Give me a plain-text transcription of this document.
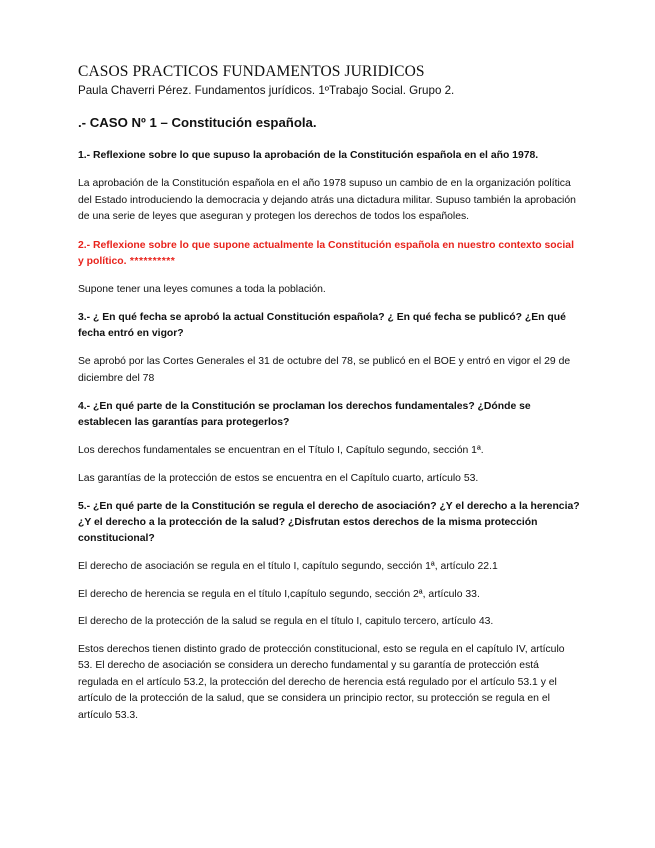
CASOS PRACTICOS FUNDAMENTOS JURIDICOS

Paula Chaverri Pérez. Fundamentos jurídicos. 1ºTrabajo Social. Grupo 2.

.- CASO Nº 1 – Constitución española.

1.- Reflexione sobre lo que supuso la aprobación de la Constitución española en el año 1978.

La aprobación de la Constitución española en el año 1978 supuso un cambio de en la organización política del Estado introduciendo la democracia y dejando atrás una dictadura militar. Supuso también la aprobación de una serie de leyes que aseguran y protegen los derechos de todos los españoles.

2.- Reflexione sobre lo que supone actualmente la Constitución española en nuestro contexto social y político. **********

Supone tener una leyes comunes a toda la población.

3.- ¿ En qué fecha se aprobó la actual Constitución española? ¿ En qué fecha se publicó? ¿En qué fecha entró en vigor?

Se aprobó por las Cortes Generales el 31 de octubre del 78, se publicó en el BOE y entró en vigor el 29 de diciembre del 78

4.- ¿En qué parte de la Constitución se proclaman los derechos fundamentales? ¿Dónde se establecen las garantías para protegerlos?

Los derechos fundamentales se encuentran en el Título I, Capítulo segundo, sección 1ª.

Las garantías de la protección de estos se encuentra en el Capítulo cuarto, artículo 53.

5.- ¿En qué parte de la Constitución se regula el derecho de asociación? ¿Y el derecho a la herencia? ¿Y el derecho a la protección de la salud? ¿Disfrutan estos derechos de la misma protección constitucional?

El derecho de asociación se regula en el título I, capítulo segundo, sección 1ª, artículo 22.1

El derecho de herencia se regula en el título I,capítulo segundo, sección 2ª, artículo 33.

El derecho de la protección de la salud se regula en el título I, capitulo tercero, artículo 43.

Estos derechos tienen distinto grado de protección constitucional, esto se regula en el capítulo IV, artículo 53. El derecho de asociación se considera un derecho fundamental y su garantía de protección está regulada en el artículo 53.2, la protección del derecho de herencia está regulado por el artículo 53.1 y el artículo de la protección de la salud, que se considera un principio rector, su protección se regula en el artículo 53.3.
